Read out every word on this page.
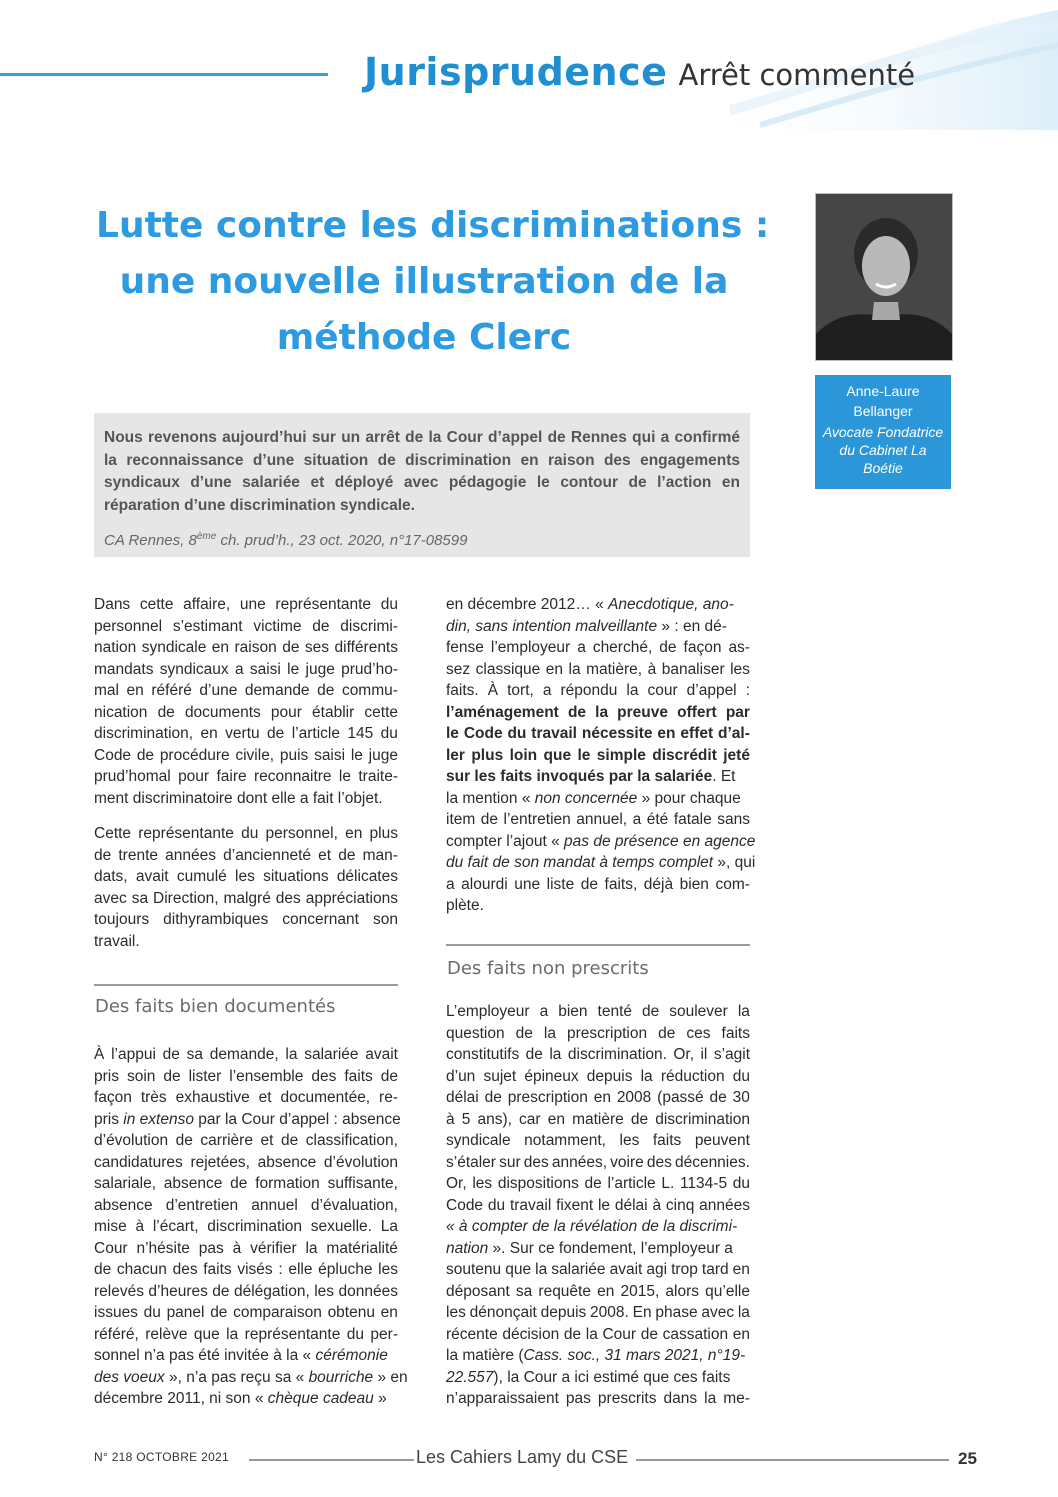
Jurisprudence Arrêt commenté
Lutte contre les discriminations :
une nouvelle illustration de la
méthode Clerc
Anne-Laure
Bellanger
Avocate Fondatrice
du Cabinet La
Boétie
Nous revenons aujourd’hui sur un arrêt de la Cour d’appel de Rennes qui a confirmé la reconnaissance d’une situation de discrimination en raison des engagements syndicaux d’une salariée et déployé avec pédagogie le contour de l’action en réparation d’une discrimination syndicale.
CA Rennes, 8ème ch. prud’h., 23 oct. 2020, n°17-08599
Dans cette affaire, une représentante du
personnel s’estimant victime de discrimi-
nation syndicale en raison de ses différents
mandats syndicaux a saisi le juge prud’ho-
mal en référé d’une demande de commu-
nication de documents pour établir cette
discrimination, en vertu de l’article 145 du
Code de procédure civile, puis saisi le juge
prud’homal pour faire reconnaitre le traite-
ment discriminatoire dont elle a fait l’objet.
Cette représentante du personnel, en plus
de trente années d’ancienneté et de man-
dats, avait cumulé les situations délicates
avec sa Direction, malgré des appréciations
toujours dithyrambiques concernant son
travail.
Des faits bien documentés
À l’appui de sa demande, la salariée avait
pris soin de lister l’ensemble des faits de
façon très exhaustive et documentée, re-
pris in extenso par la Cour d’appel : absence
d’évolution de carrière et de classification,
candidatures rejetées, absence d’évolution
salariale, absence de formation suffisante,
absence d’entretien annuel d’évaluation,
mise à l’écart, discrimination sexuelle. La
Cour n’hésite pas à vérifier la matérialité
de chacun des faits visés : elle épluche les
relevés d’heures de délégation, les données
issues du panel de comparaison obtenu en
référé, relève que la représentante du per-
sonnel n’a pas été invitée à la « cérémonie
des voeux », n’a pas reçu sa « bourriche » en
décembre 2011, ni son « chèque cadeau »
en décembre 2012… « Anecdotique, ano-
din, sans intention malveillante » : en dé-
fense l’employeur a cherché, de façon as-
sez classique en la matière, à banaliser les
faits. À tort, a répondu la cour d’appel :
l’aménagement de la preuve offert par
le Code du travail nécessite en effet d’al-
ler plus loin que le simple discrédit jeté
sur les faits invoqués par la salariée. Et
la mention « non concernée » pour chaque
item de l’entretien annuel, a été fatale sans
compter l’ajout « pas de présence en agence
du fait de son mandat à temps complet », qui
a alourdi une liste de faits, déjà bien com-
plète.
Des faits non prescrits
L’employeur a bien tenté de soulever la
question de la prescription de ces faits
constitutifs de la discrimination. Or, il s’agit
d’un sujet épineux depuis la réduction du
délai de prescription en 2008 (passé de 30
à 5 ans), car en matière de discrimination
syndicale notamment, les faits peuvent
s’étaler sur des années, voire des décennies.
Or, les dispositions de l’article L. 1134-5 du
Code du travail fixent le délai à cinq années
« à compter de la révélation de la discrimi-
nation ». Sur ce fondement, l’employeur a
soutenu que la salariée avait agi trop tard en
déposant sa requête en 2015, alors qu’elle
les dénonçait depuis 2008. En phase avec la
récente décision de la Cour de cassation en
la matière (Cass. soc., 31 mars 2021, n°19-
22.557), la Cour a ici estimé que ces faits
n’apparaissaient pas prescrits dans la me-
N° 218 OCTOBRE 2021	Les Cahiers Lamy du CSE	25
